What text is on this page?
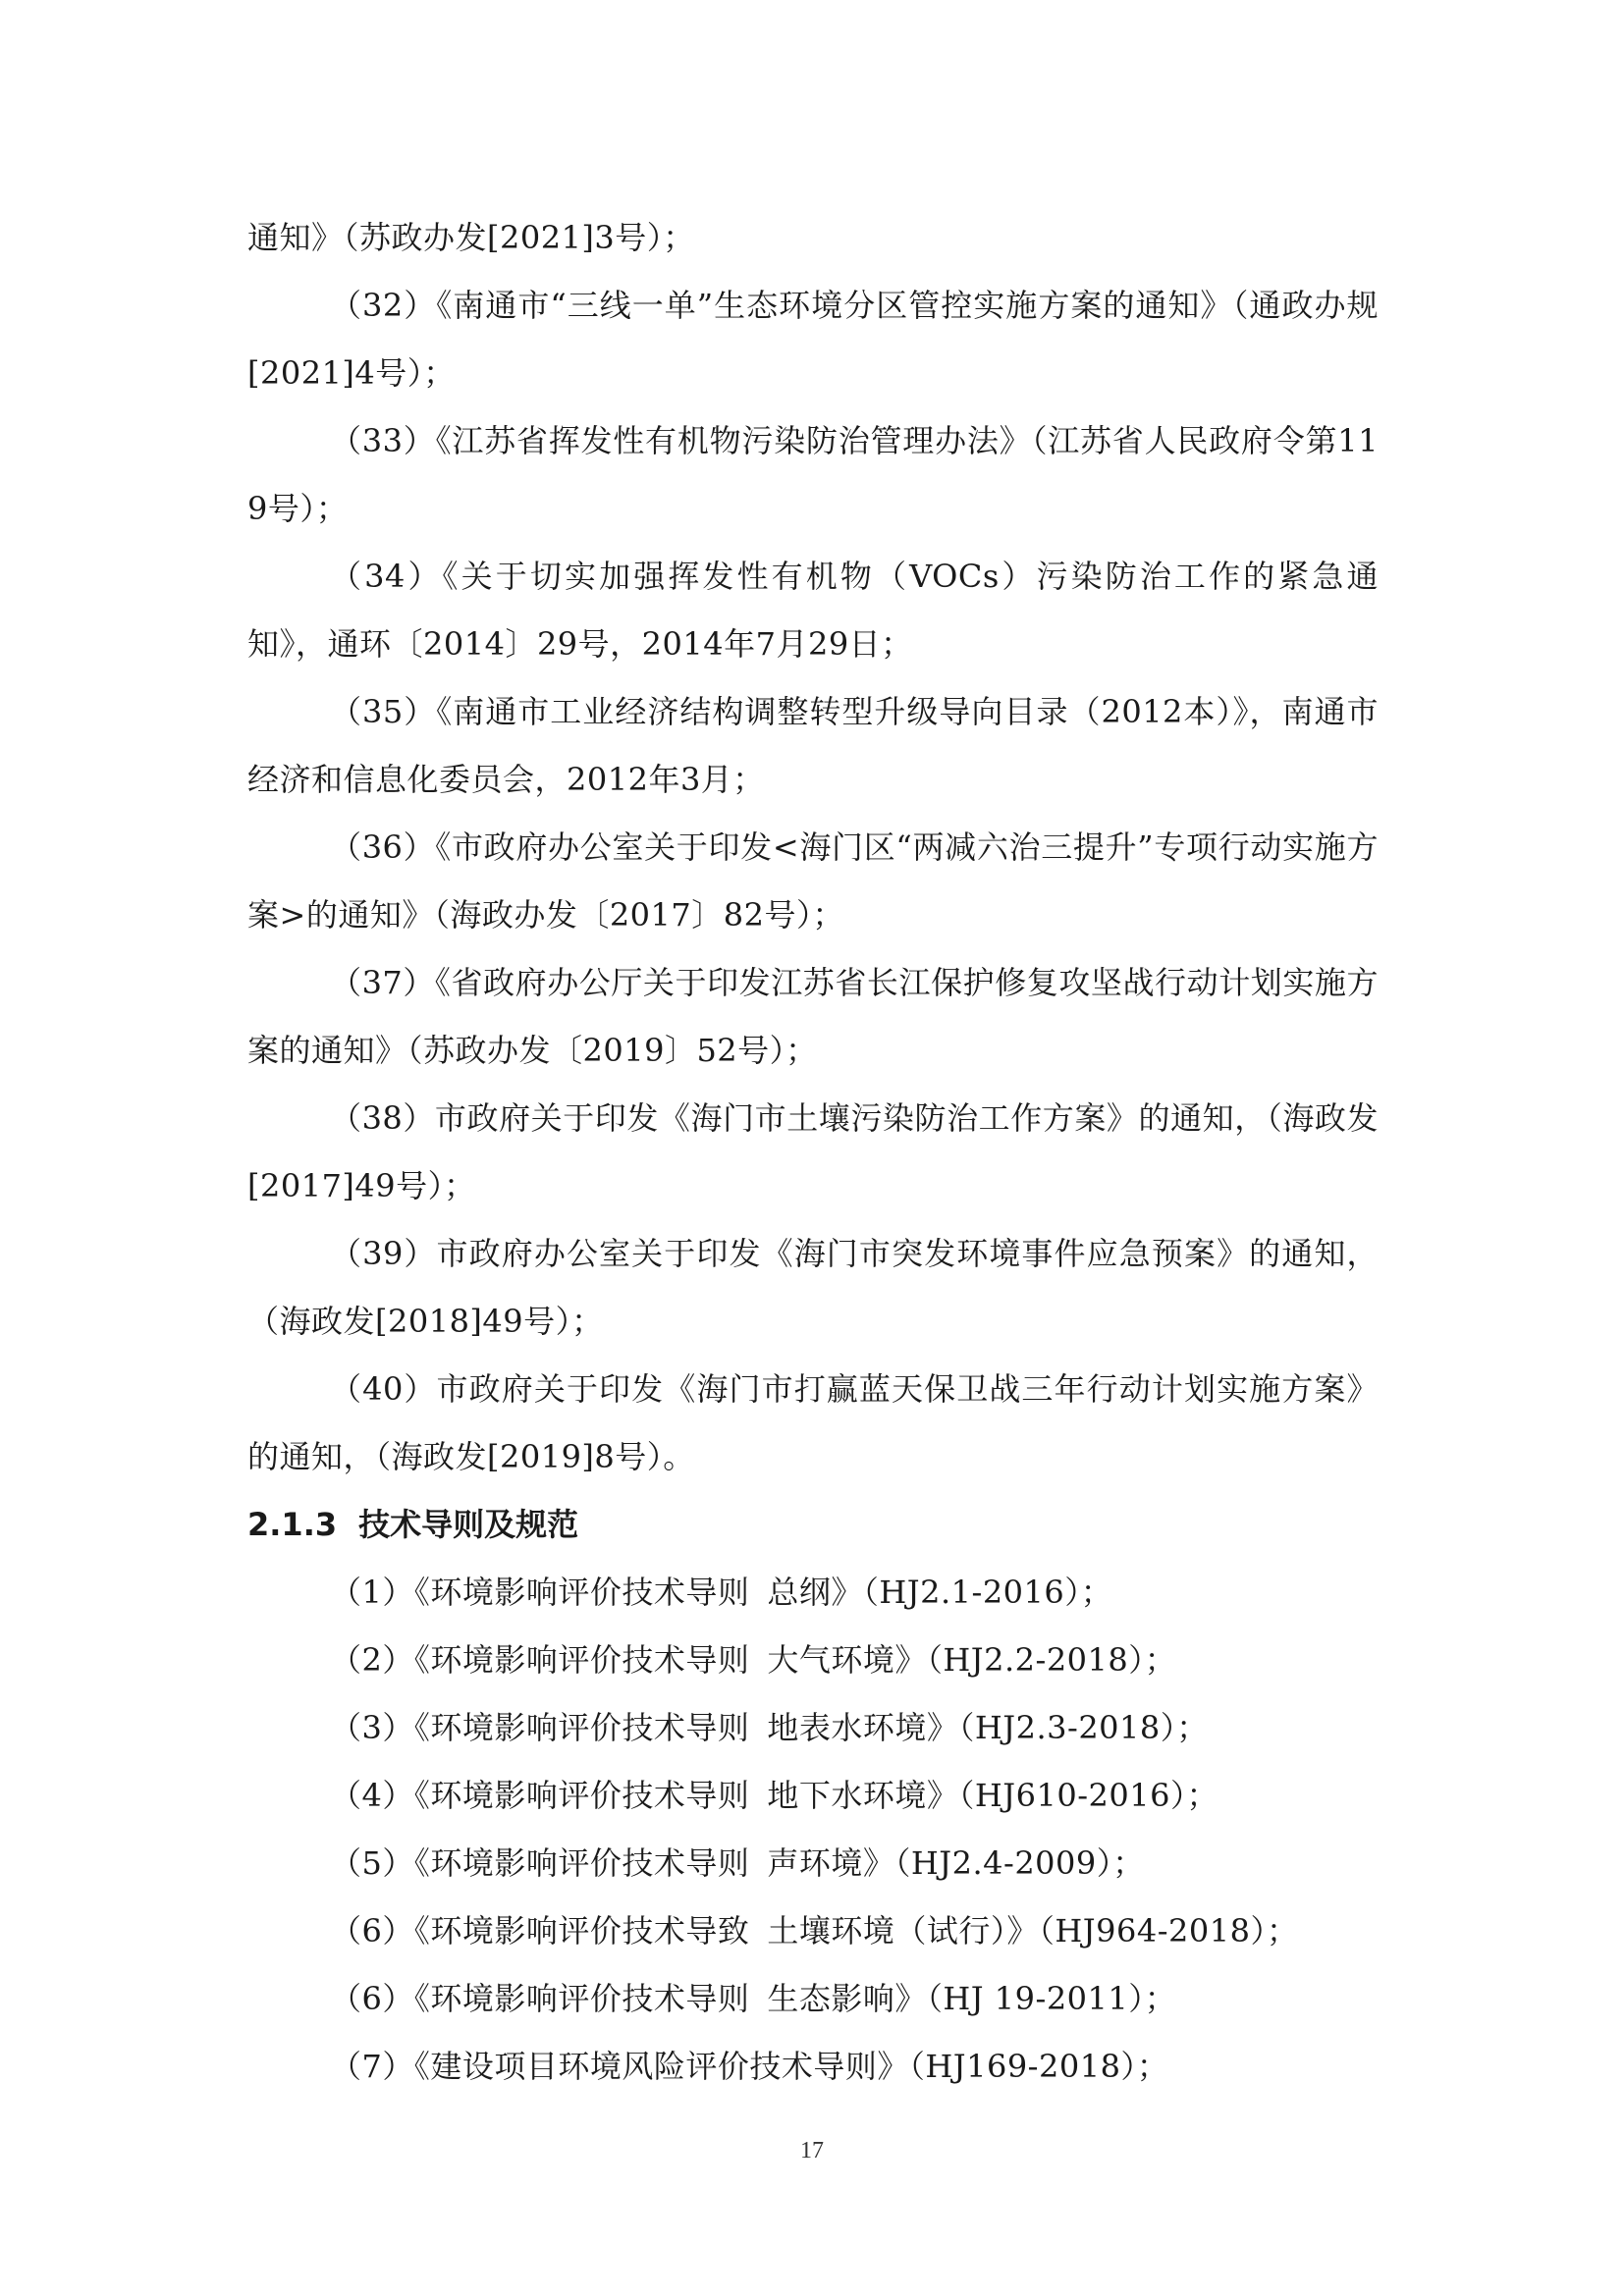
通知》（苏政办发[2021]3号）；

（32）《南通市“三线一单”生态环境分区管控实施方案的通知》（通政办规[2021]4号）；

（33）《江苏省挥发性有机物污染防治管理办法》（江苏省人民政府令第119号）；

（34）《关于切实加强挥发性有机物（VOCs）污染防治工作的紧急通知》，通环〔2014〕29号，2014年7月29日；

（35）《南通市工业经济结构调整转型升级导向目录（2012本）》，南通市经济和信息化委员会，2012年3月；

（36）《市政府办公室关于印发<海门区“两减六治三提升”专项行动实施方案>的通知》（海政办发〔2017〕82号）；

（37）《省政府办公厅关于印发江苏省长江保护修复攻坚战行动计划实施方案的通知》（苏政办发〔2019〕52号）；

（38）市政府关于印发《海门市土壤污染防治工作方案》的通知，（海政发[2017]49号）；

（39）市政府办公室关于印发《海门市突发环境事件应急预案》的通知，（海政发[2018]49号）；

（40）市政府关于印发《海门市打赢蓝天保卫战三年行动计划实施方案》的通知，（海政发[2019]8号）。

2.1.3 技术导则及规范

（1）《环境影响评价技术导则 总纲》（HJ2.1-2016）；

（2）《环境影响评价技术导则 大气环境》（HJ2.2-2018）；

（3）《环境影响评价技术导则 地表水环境》（HJ2.3-2018）；

（4）《环境影响评价技术导则 地下水环境》（HJ610-2016）；

（5）《环境影响评价技术导则 声环境》（HJ2.4-2009）；

（6）《环境影响评价技术导致 土壤环境（试行）》（HJ964-2018）；

（6）《环境影响评价技术导则 生态影响》（HJ 19-2011）；

（7）《建设项目环境风险评价技术导则》（HJ169-2018）；

17
